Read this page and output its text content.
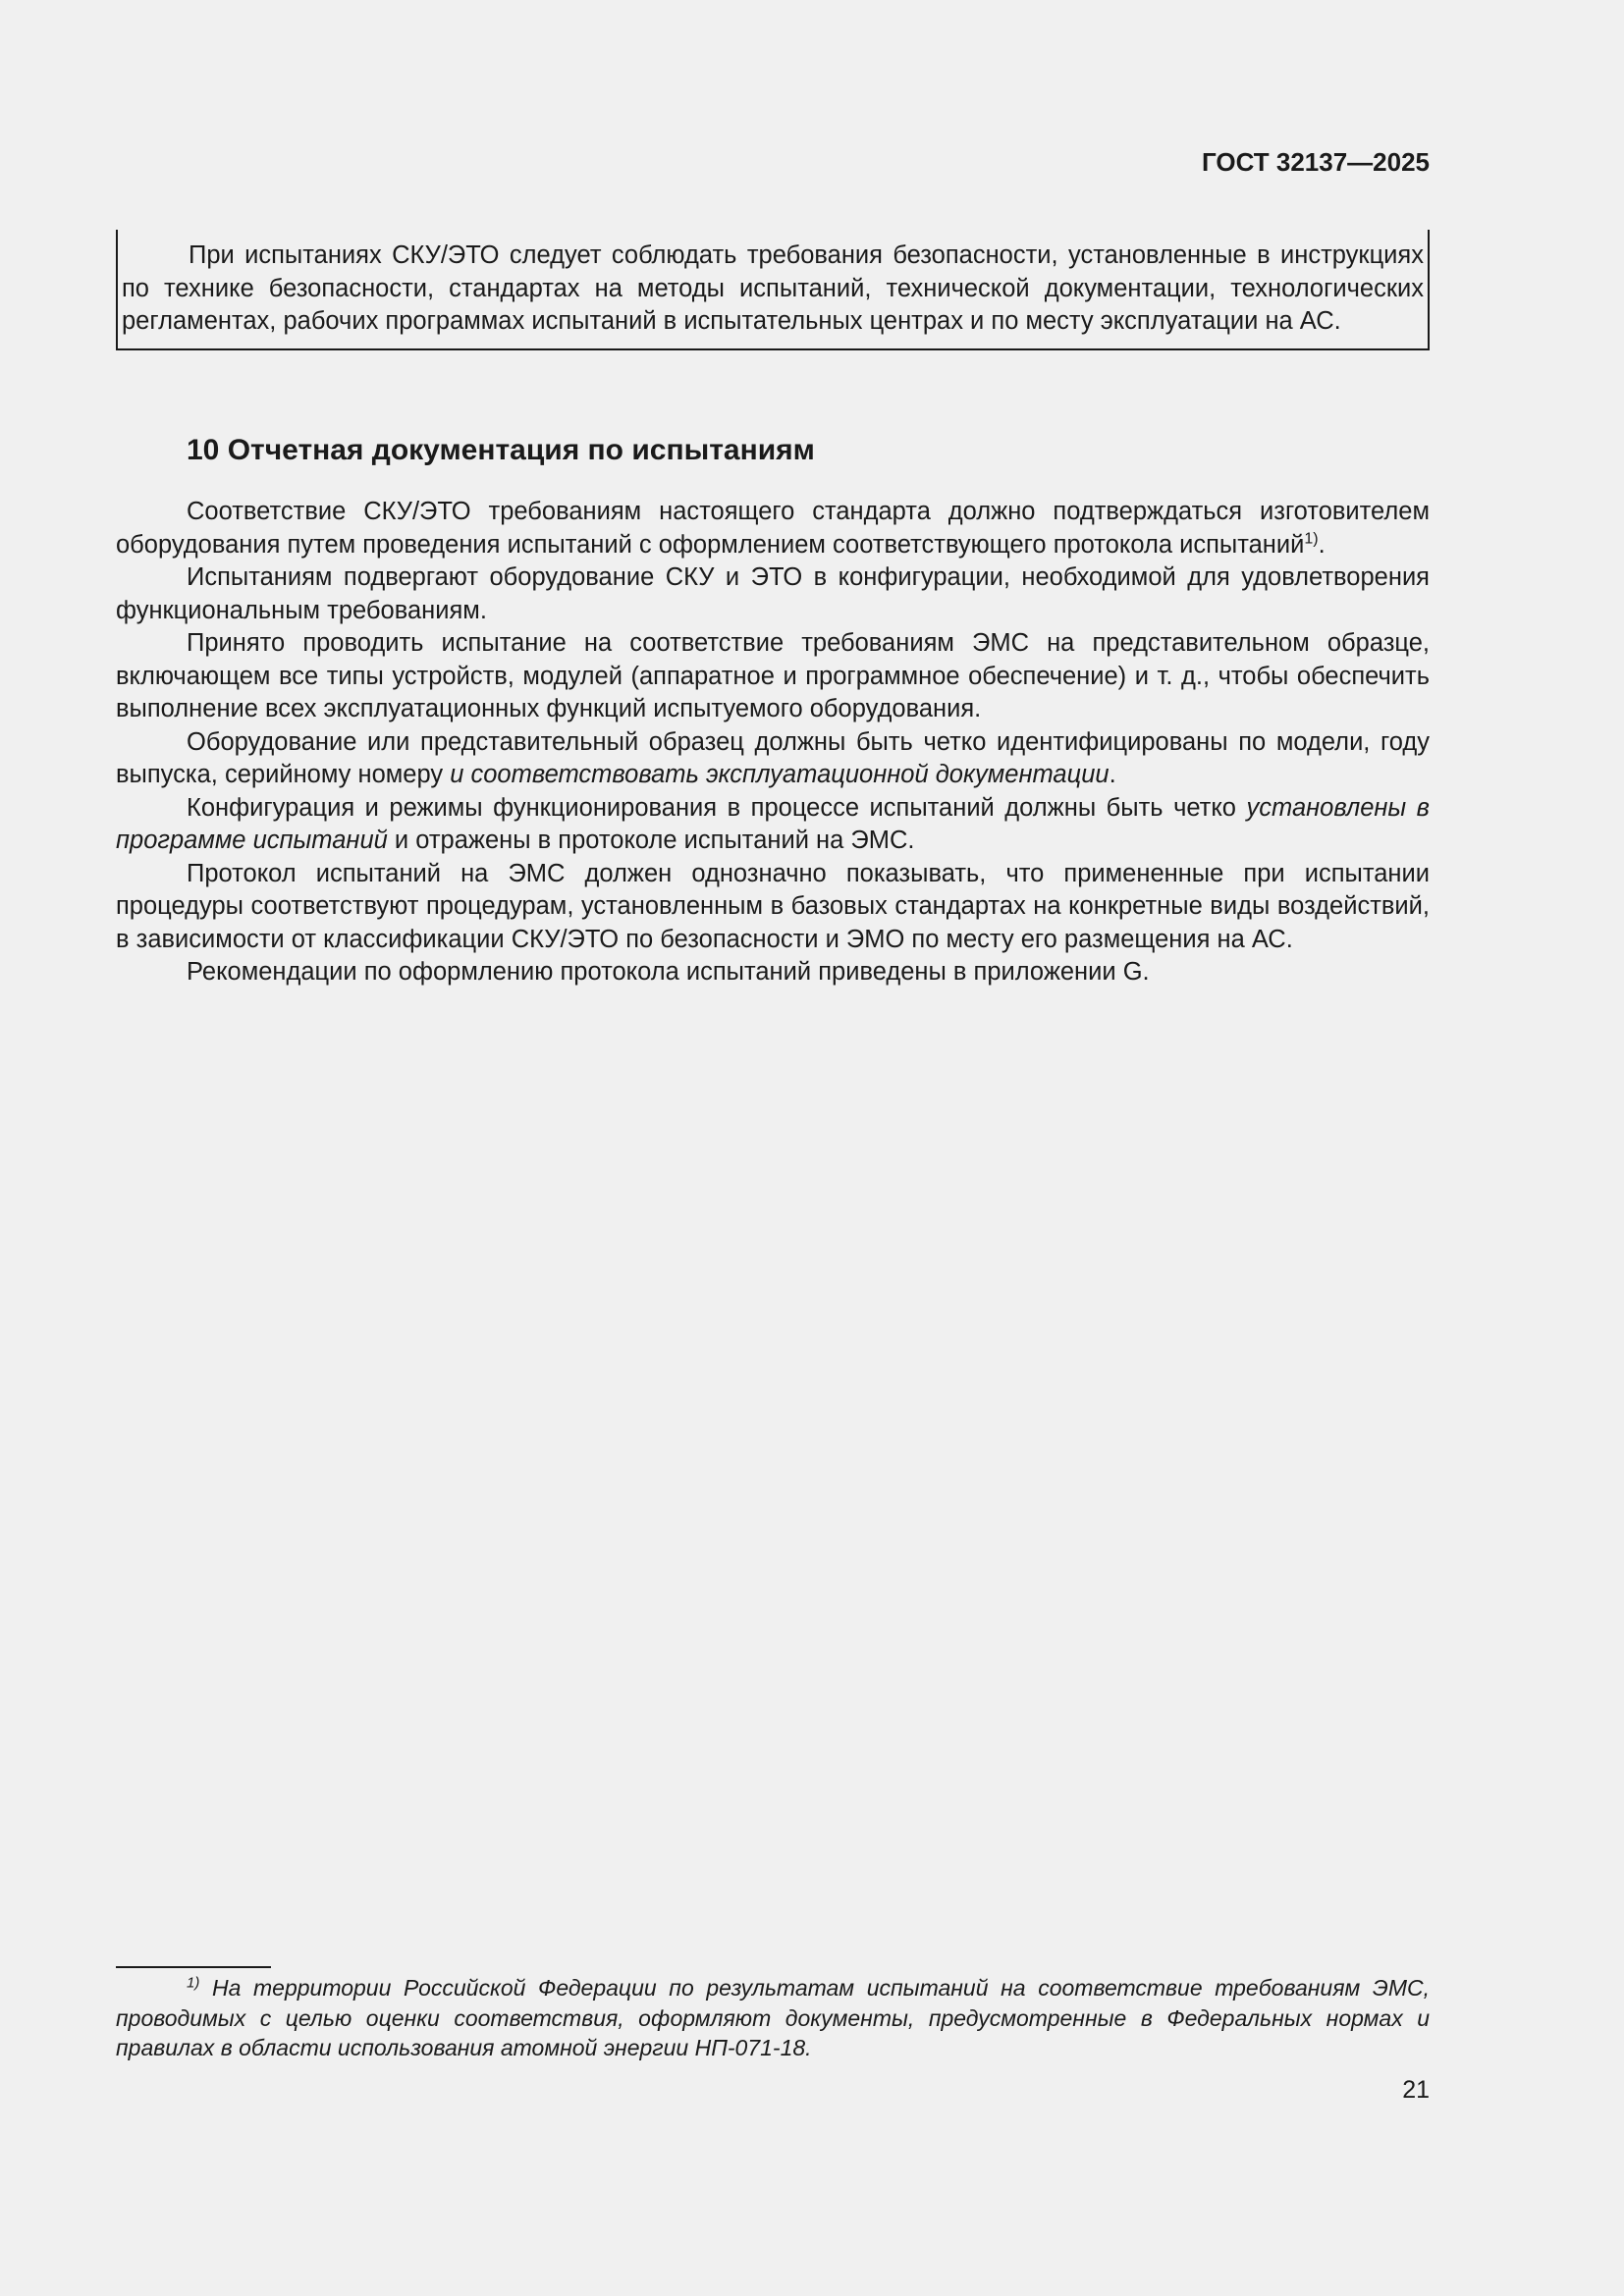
ГОСТ 32137—2025

При испытаниях СКУ/ЭТО следует соблюдать требования безопасности, установленные в инструкциях по технике безопасности, стандартах на методы испытаний, технической документации, технологических регламентах, рабочих программах испытаний в испытательных центрах и по месту эксплуатации на АС.

10 Отчетная документация по испытаниям

Соответствие СКУ/ЭТО требованиям настоящего стандарта должно подтверждаться изготовителем оборудования путем проведения испытаний с оформлением соответствующего протокола испытаний$^{1)}$.

Испытаниям подвергают оборудование СКУ и ЭТО в конфигурации, необходимой для удовлетворения функциональным требованиям.

Принято проводить испытание на соответствие требованиям ЭМС на представительном образце, включающем все типы устройств, модулей (аппаратное и программное обеспечение) и т. д., чтобы обеспечить выполнение всех эксплуатационных функций испытуемого оборудования.

Оборудование или представительный образец должны быть четко идентифицированы по модели, году выпуска, серийному номеру и соответствовать эксплуатационной документации.

Конфигурация и режимы функционирования в процессе испытаний должны быть четко установлены в программе испытаний и отражены в протоколе испытаний на ЭМС.

Протокол испытаний на ЭМС должен однозначно показывать, что примененные при испытании процедуры соответствуют процедурам, установленным в базовых стандартах на конкретные виды воздействий, в зависимости от классификации СКУ/ЭТО по безопасности и ЭМО по месту его размещения на АС.

Рекомендации по оформлению протокола испытаний приведены в приложении G.

$^{1)}$ На территории Российской Федерации по результатам испытаний на соответствие требованиям ЭМС, проводимых с целью оценки соответствия, оформляют документы, предусмотренные в Федеральных нормах и правилах в области использования атомной энергии НП-071-18.

21
